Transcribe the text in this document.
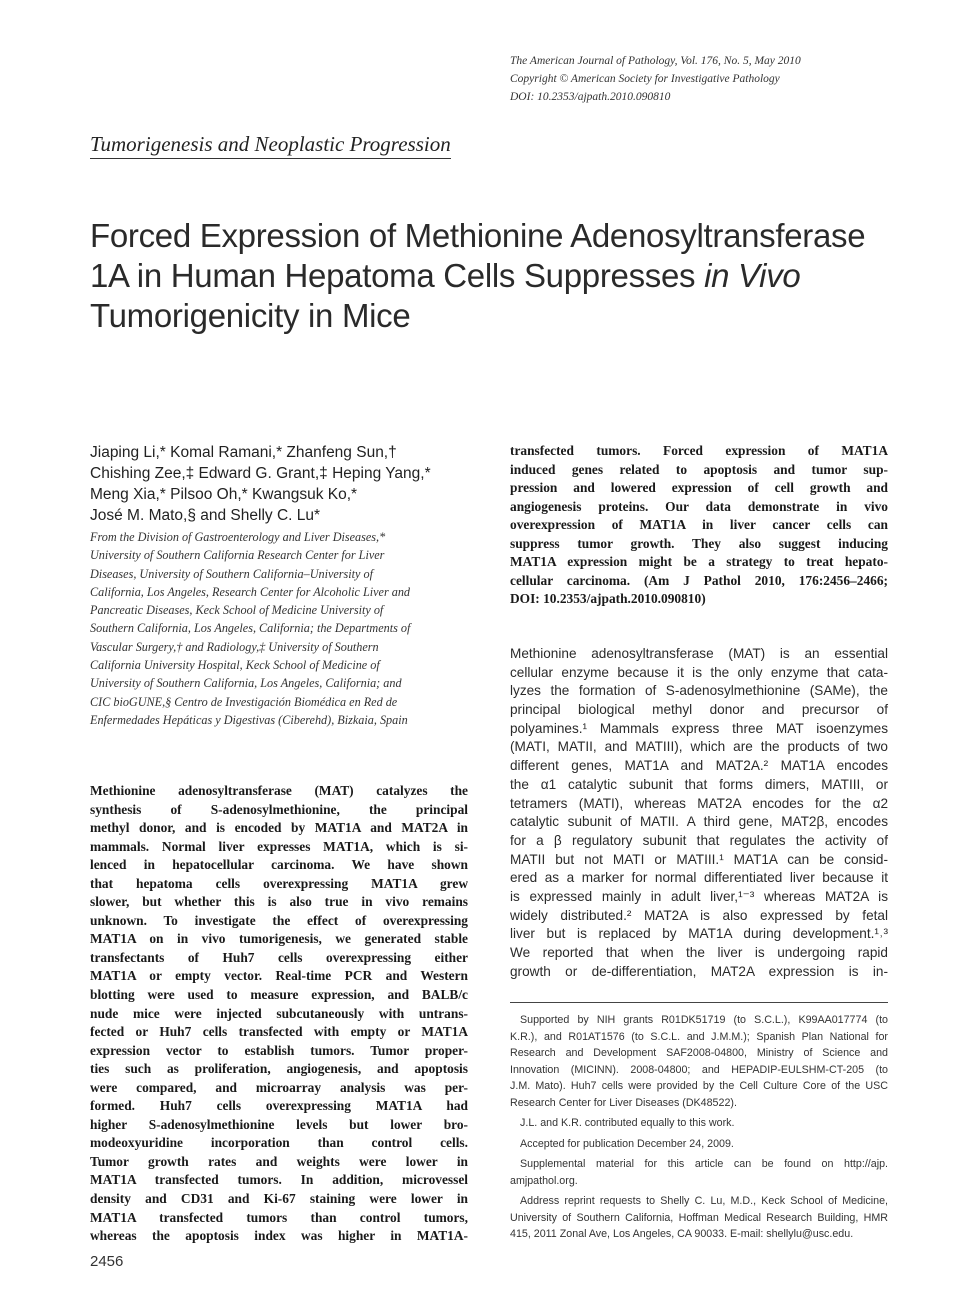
The American Journal of Pathology, Vol. 176, No. 5, May 2010
Copyright © American Society for Investigative Pathology
DOI: 10.2353/ajpath.2010.090810
Tumorigenesis and Neoplastic Progression
Forced Expression of Methionine Adenosyltransferase
1A in Human Hepatoma Cells Suppresses in Vivo
Tumorigenicity in Mice
Jiaping Li,* Komal Ramani,* Zhanfeng Sun,†
Chishing Zee,‡ Edward G. Grant,‡ Heping Yang,*
Meng Xia,* Pilsoo Oh,* Kwangsuk Ko,*
José M. Mato,§ and Shelly C. Lu*
From the Division of Gastroenterology and Liver Diseases,*
University of Southern California Research Center for Liver
Diseases, University of Southern California–University of
California, Los Angeles, Research Center for Alcoholic Liver and
Pancreatic Diseases, Keck School of Medicine University of
Southern California, Los Angeles, California; the Departments of
Vascular Surgery,† and Radiology,‡ University of Southern
California University Hospital, Keck School of Medicine of
University of Southern California, Los Angeles, California; and
CIC bioGUNE,§ Centro de Investigación Biomédica en Red de
Enfermedades Hepáticas y Digestivas (Ciberehd), Bizkaia, Spain
Methionine adenosyltransferase (MAT) catalyzes the
synthesis of S-adenosylmethionine, the principal
methyl donor, and is encoded by MAT1A and MAT2A in
mammals. Normal liver expresses MAT1A, which is si-
lenced in hepatocellular carcinoma. We have shown
that hepatoma cells overexpressing MAT1A grew
slower, but whether this is also true in vivo remains
unknown. To investigate the effect of overexpressing
MAT1A on in vivo tumorigenesis, we generated stable
transfectants of Huh7 cells overexpressing either
MAT1A or empty vector. Real-time PCR and Western
blotting were used to measure expression, and BALB/c
nude mice were injected subcutaneously with untrans-
fected or Huh7 cells transfected with empty or MAT1A
expression vector to establish tumors. Tumor proper-
ties such as proliferation, angiogenesis, and apoptosis
were compared, and microarray analysis was per-
formed. Huh7 cells overexpressing MAT1A had
higher S-adenosylmethionine levels but lower bro-
modeoxyuridine incorporation than control cells.
Tumor growth rates and weights were lower in
MAT1A transfected tumors. In addition, microvessel
density and CD31 and Ki-67 staining were lower in
MAT1A transfected tumors than control tumors,
whereas the apoptosis index was higher in MAT1A-
transfected tumors. Forced expression of MAT1A
induced genes related to apoptosis and tumor sup-
pression and lowered expression of cell growth and
angiogenesis proteins. Our data demonstrate in vivo
overexpression of MAT1A in liver cancer cells can
suppress tumor growth. They also suggest inducing
MAT1A expression might be a strategy to treat hepato-
cellular carcinoma. (Am J Pathol 2010, 176:2456–2466;
DOI: 10.2353/ajpath.2010.090810)
Methionine adenosyltransferase (MAT) is an essential
cellular enzyme because it is the only enzyme that cata-
lyzes the formation of S-adenosylmethionine (SAMe), the
principal biological methyl donor and precursor of
polyamines.¹ Mammals express three MAT isoenzymes
(MATI, MATII, and MATIII), which are the products of two
different genes, MAT1A and MAT2A.² MAT1A encodes
the α1 catalytic subunit that forms dimers, MATIII, or
tetramers (MATI), whereas MAT2A encodes for the α2
catalytic subunit of MATII. A third gene, MAT2β, encodes
for a β regulatory subunit that regulates the activity of
MATII but not MATI or MATIII.¹ MAT1A can be consid-
ered as a marker for normal differentiated liver because it
is expressed mainly in adult liver,¹⁻³ whereas MAT2A is
widely distributed.² MAT2A is also expressed by fetal
liver but is replaced by MAT1A during development.¹˒³
We reported that when the liver is undergoing rapid
growth or de-differentiation, MAT2A expression is in-
Supported by NIH grants R01DK51719 (to S.C.L.), K99AA017774 (to
K.R.), and R01AT1576 (to S.C.L. and J.M.M.); Spanish Plan National for
Research and Development SAF2008-04800, Ministry of Science and
Innovation (MICINN). 2008-04800; and HEPADIP-EULSHM-CT-205 (to
J.M. Mato). Huh7 cells were provided by the Cell Culture Core of the USC
Research Center for Liver Diseases (DK48522).
J.L. and K.R. contributed equally to this work.
Accepted for publication December 24, 2009.
Supplemental material for this article can be found on http://ajp.
amjpathol.org.
Address reprint requests to Shelly C. Lu, M.D., Keck School of Medicine,
University of Southern California, Hoffman Medical Research Building, HMR
415, 2011 Zonal Ave, Los Angeles, CA 90033. E-mail: shellylu@usc.edu.
2456
